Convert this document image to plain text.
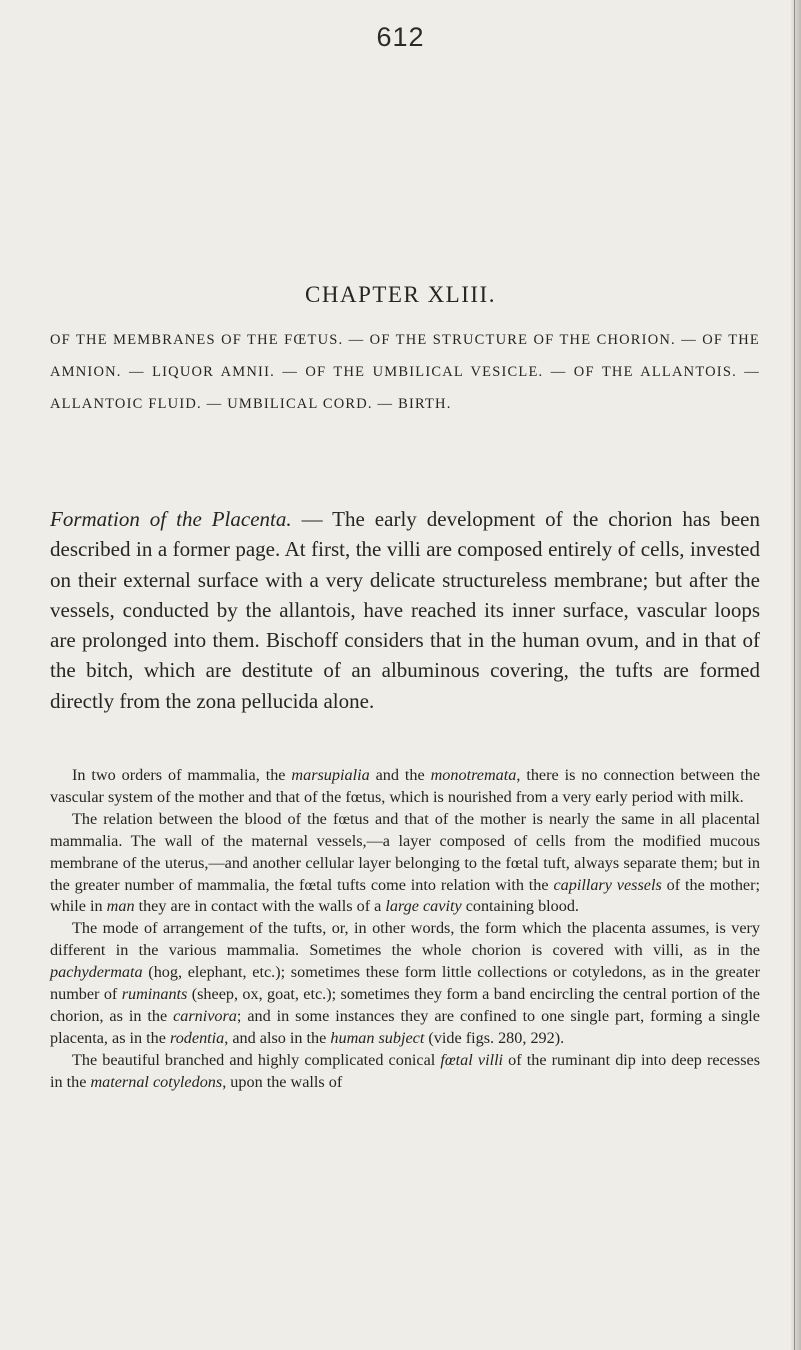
612
CHAPTER XLIII.

OF THE MEMBRANES OF THE FŒTUS. — OF THE STRUCTURE OF THE CHORION. — OF THE AMNION. — LIQUOR AMNII. — OF THE UMBILICAL VESICLE. — OF THE ALLANTOIS. — ALLANTOIC FLUID. — UMBILICAL CORD. — BIRTH.

Formation of the Placenta. — The early development of the chorion has been described in a former page. At first, the villi are composed entirely of cells, invested on their external surface with a very delicate structureless membrane; but after the vessels, conducted by the allantois, have reached its inner surface, vascular loops are prolonged into them. Bischoff considers that in the human ovum, and in that of the bitch, which are destitute of an albuminous covering, the tufts are formed directly from the zona pellucida alone.

In two orders of mammalia, the marsupialia and the monotremata, there is no connection between the vascular system of the mother and that of the fœtus, which is nourished from a very early period with milk.

The relation between the blood of the fœtus and that of the mother is nearly the same in all placental mammalia. The wall of the maternal vessels,—a layer composed of cells from the modified mucous membrane of the uterus,—and another cellular layer belonging to the fœtal tuft, always separate them; but in the greater number of mammalia, the fœtal tufts come into relation with the capillary vessels of the mother; while in man they are in contact with the walls of a large cavity containing blood.

The mode of arrangement of the tufts, or, in other words, the form which the placenta assumes, is very different in the various mammalia. Sometimes the whole chorion is covered with villi, as in the pachydermata (hog, elephant, etc.); sometimes these form little collections or cotyledons, as in the greater number of ruminants (sheep, ox, goat, etc.); sometimes they form a band encircling the central portion of the chorion, as in the carnivora; and in some instances they are confined to one single part, forming a single placenta, as in the rodentia, and also in the human subject (vide figs. 280, 292).

The beautiful branched and highly complicated conical fœtal villi of the ruminant dip into deep recesses in the maternal cotyledons, upon the walls of
